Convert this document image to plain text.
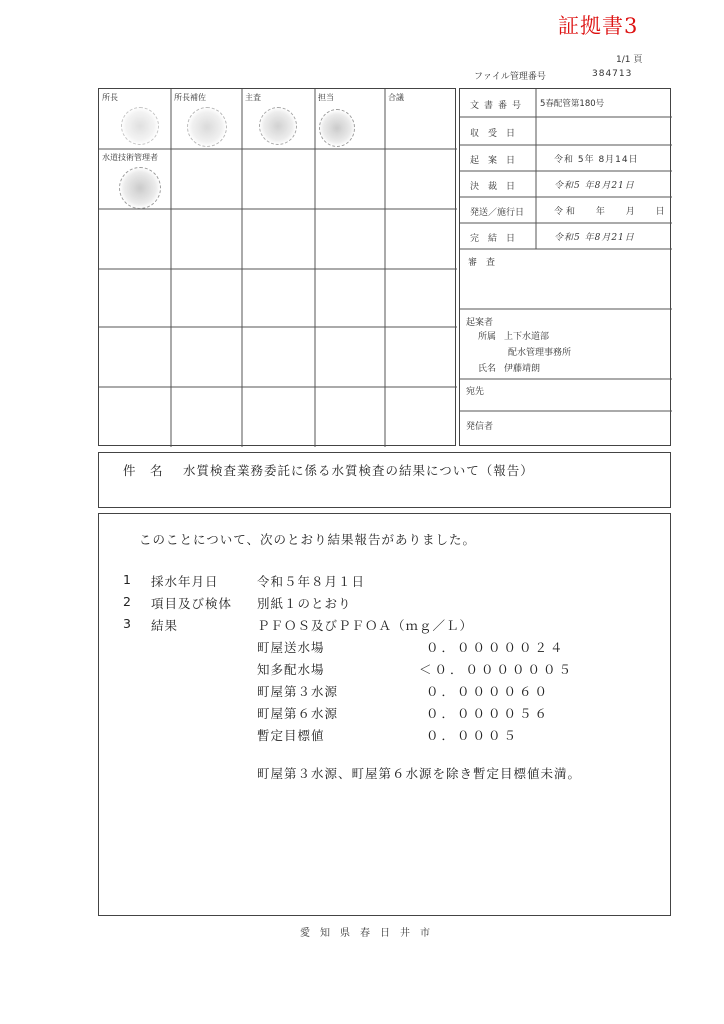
証拠書3
1/1 頁
ファイル管理番号	384713
所長	所長補佐	主査	担当	合議
水道技術管理者
文書番号 5春配管第180号
収受日
起案日	令和 5年 8月14日
決裁日	令和5 年8月21日
発送／施行日	令和　 年　 月　 日
完結日	令和5 年8月21日
審査
起案者
所属 上下水道部
配水管理事務所
氏名 伊藤靖朗
宛先
発信者
件　名 水質検査業務委託に係る水質検査の結果について（報告）
このことについて、次のとおり結果報告がありました。
1 採水年月日	令和５年８月１日
2 項目及び検体 別紙１のとおり
3 結果	ＰＦＯＳ及びＰＦＯＡ（ｍｇ／Ｌ）
町屋送水場	０．０００００２４
知多配水場	＜０．００００００５
町屋第３水源	０．００００６０
町屋第６水源	０．００００５６
暫定目標値	０．０００５
町屋第３水源、町屋第６水源を除き暫定目標値未満。
愛　知　県　春　日　井　市
